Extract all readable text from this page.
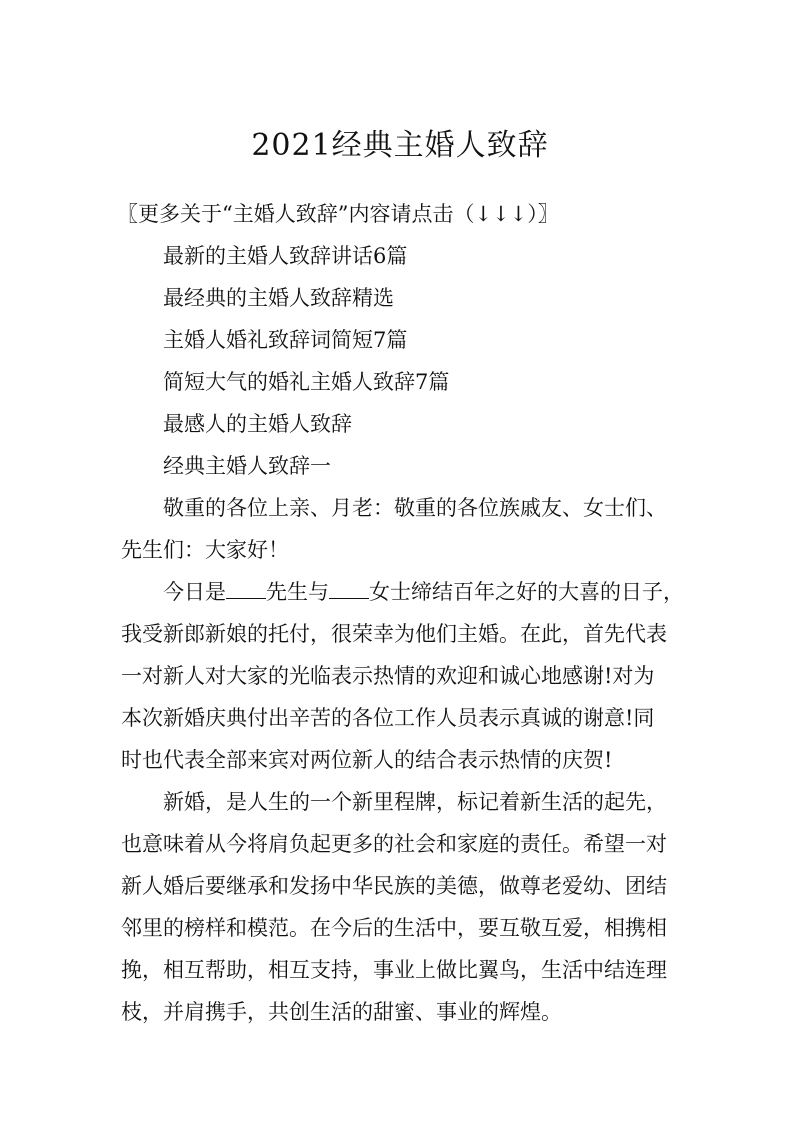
2021经典主婚人致辞
〖更多关于“主婚人致辞”内容请点击（↓↓↓）〗
最新的主婚人致辞讲话6篇
最经典的主婚人致辞精选
主婚人婚礼致辞词简短7篇
简短大气的婚礼主婚人致辞7篇
最感人的主婚人致辞
经典主婚人致辞一
敬重的各位上亲、月老：敬重的各位族戚友、女士们、
先生们：大家好！
今日是 先生与 女士缔结百年之好的大喜的日子，
我受新郎新娘的托付，很荣幸为他们主婚。在此，首先代表
一对新人对大家的光临表示热情的欢迎和诚心地感谢!对为
本次新婚庆典付出辛苦的各位工作人员表示真诚的谢意!同
时也代表全部来宾对两位新人的结合表示热情的庆贺!
新婚，是人生的一个新里程牌，标记着新生活的起先，
也意味着从今将肩负起更多的社会和家庭的责任。希望一对
新人婚后要继承和发扬中华民族的美德，做尊老爱幼、团结
邻里的榜样和模范。在今后的生活中，要互敬互爱，相携相
挽，相互帮助，相互支持，事业上做比翼鸟，生活中结连理
枝，并肩携手，共创生活的甜蜜、事业的辉煌。
